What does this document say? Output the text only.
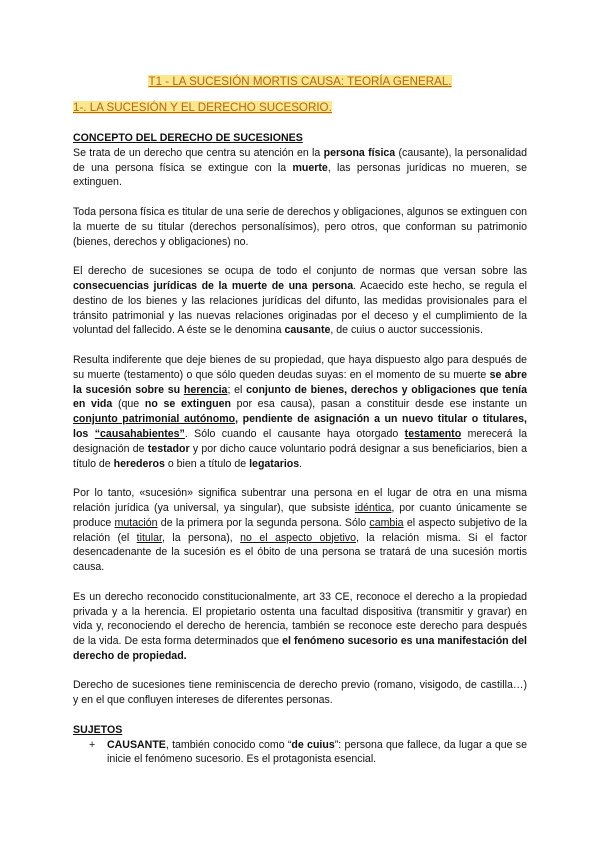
T1 - LA SUCESIÓN MORTIS CAUSA: TEORÍA GENERAL.
1-. LA SUCESIÓN Y EL DERECHO SUCESORIO.
CONCEPTO DEL DERECHO DE SUCESIONES

Se trata de un derecho que centra su atención en la persona física (causante), la personalidad de una persona física se extingue con la muerte, las personas jurídicas no mueren, se extinguen.

Toda persona física es titular de una serie de derechos y obligaciones, algunos se extinguen con la muerte de su titular (derechos personalísimos), pero otros, que conforman su patrimonio (bienes, derechos y obligaciones) no.

El derecho de sucesiones se ocupa de todo el conjunto de normas que versan sobre las consecuencias jurídicas de la muerte de una persona. Acaecido este hecho, se regula el destino de los bienes y las relaciones jurídicas del difunto, las medidas provisionales para el tránsito patrimonial y las nuevas relaciones originadas por el deceso y el cumplimiento de la voluntad del fallecido. A éste se le denomina causante, de cuius o auctor successionis.

Resulta indiferente que deje bienes de su propiedad, que haya dispuesto algo para después de su muerte (testamento) o que sólo queden deudas suyas: en el momento de su muerte se abre la sucesión sobre su herencia; el conjunto de bienes, derechos y obligaciones que tenía en vida (que no se extinguen por esa causa), pasan a constituir desde ese instante un conjunto patrimonial autónomo, pendiente de asignación a un nuevo titular o titulares, los “causahabientes”. Sólo cuando el causante haya otorgado testamento merecerá la designación de testador y por dicho cauce voluntario podrá designar a sus beneficiarios, bien a título de herederos o bien a título de legatarios.

Por lo tanto, «sucesión» significa subentrar una persona en el lugar de otra en una misma relación jurídica (ya universal, ya singular), que subsiste idéntica, por cuanto únicamente se produce mutación de la primera por la segunda persona. Sólo cambia el aspecto subjetivo de la relación (el titular, la persona), no el aspecto objetivo, la relación misma. Si el factor desencadenante de la sucesión es el óbito de una persona se tratará de una sucesión mortis causa.

Es un derecho reconocido constitucionalmente, art 33 CE, reconoce el derecho a la propiedad privada y a la herencia. El propietario ostenta una facultad dispositiva (transmitir y gravar) en vida y, reconociendo el derecho de herencia, también se reconoce este derecho para después de la vida. De esta forma determinados que el fenómeno sucesorio es una manifestación del derecho de propiedad.

Derecho de sucesiones tiene reminiscencia de derecho previo (romano, visigodo, de castilla…) y en el que confluyen intereses de diferentes personas.

SUJETOS
+ CAUSANTE, también conocido como “de cuius”: persona que fallece, da lugar a que se inicie el fenómeno sucesorio. Es el protagonista esencial.
